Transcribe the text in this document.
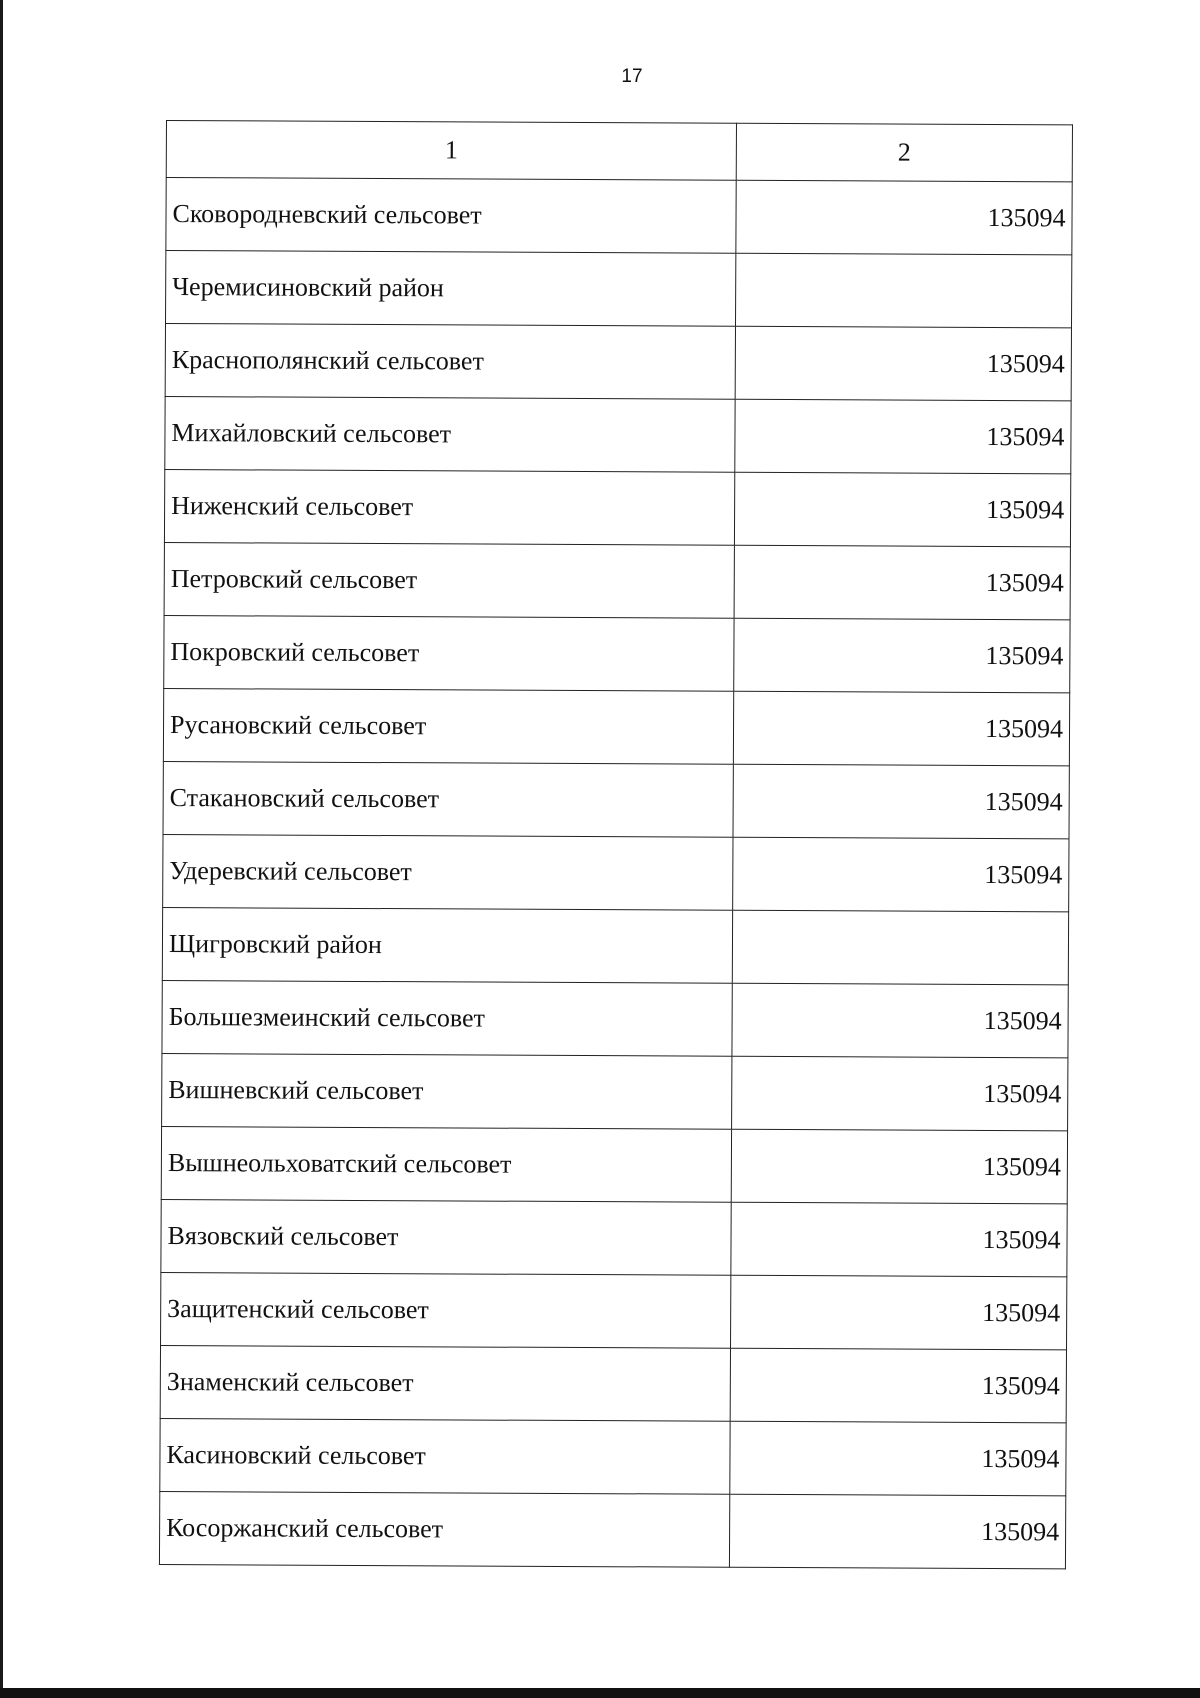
17
1	2
Сковородневский сельсовет	135094
Черемисиновский район	
Краснополянский сельсовет	135094
Михайловский сельсовет	135094
Ниженский сельсовет	135094
Петровский сельсовет	135094
Покровский сельсовет	135094
Русановский сельсовет	135094
Стакановский сельсовет	135094
Удеревский сельсовет	135094
Щигровский район	
Большезмеинский сельсовет	135094
Вишневский сельсовет	135094
Вышнеольховатский сельсовет	135094
Вязовский сельсовет	135094
Защитенский сельсовет	135094
Знаменский сельсовет	135094
Касиновский сельсовет	135094
Косоржанский сельсовет	135094
